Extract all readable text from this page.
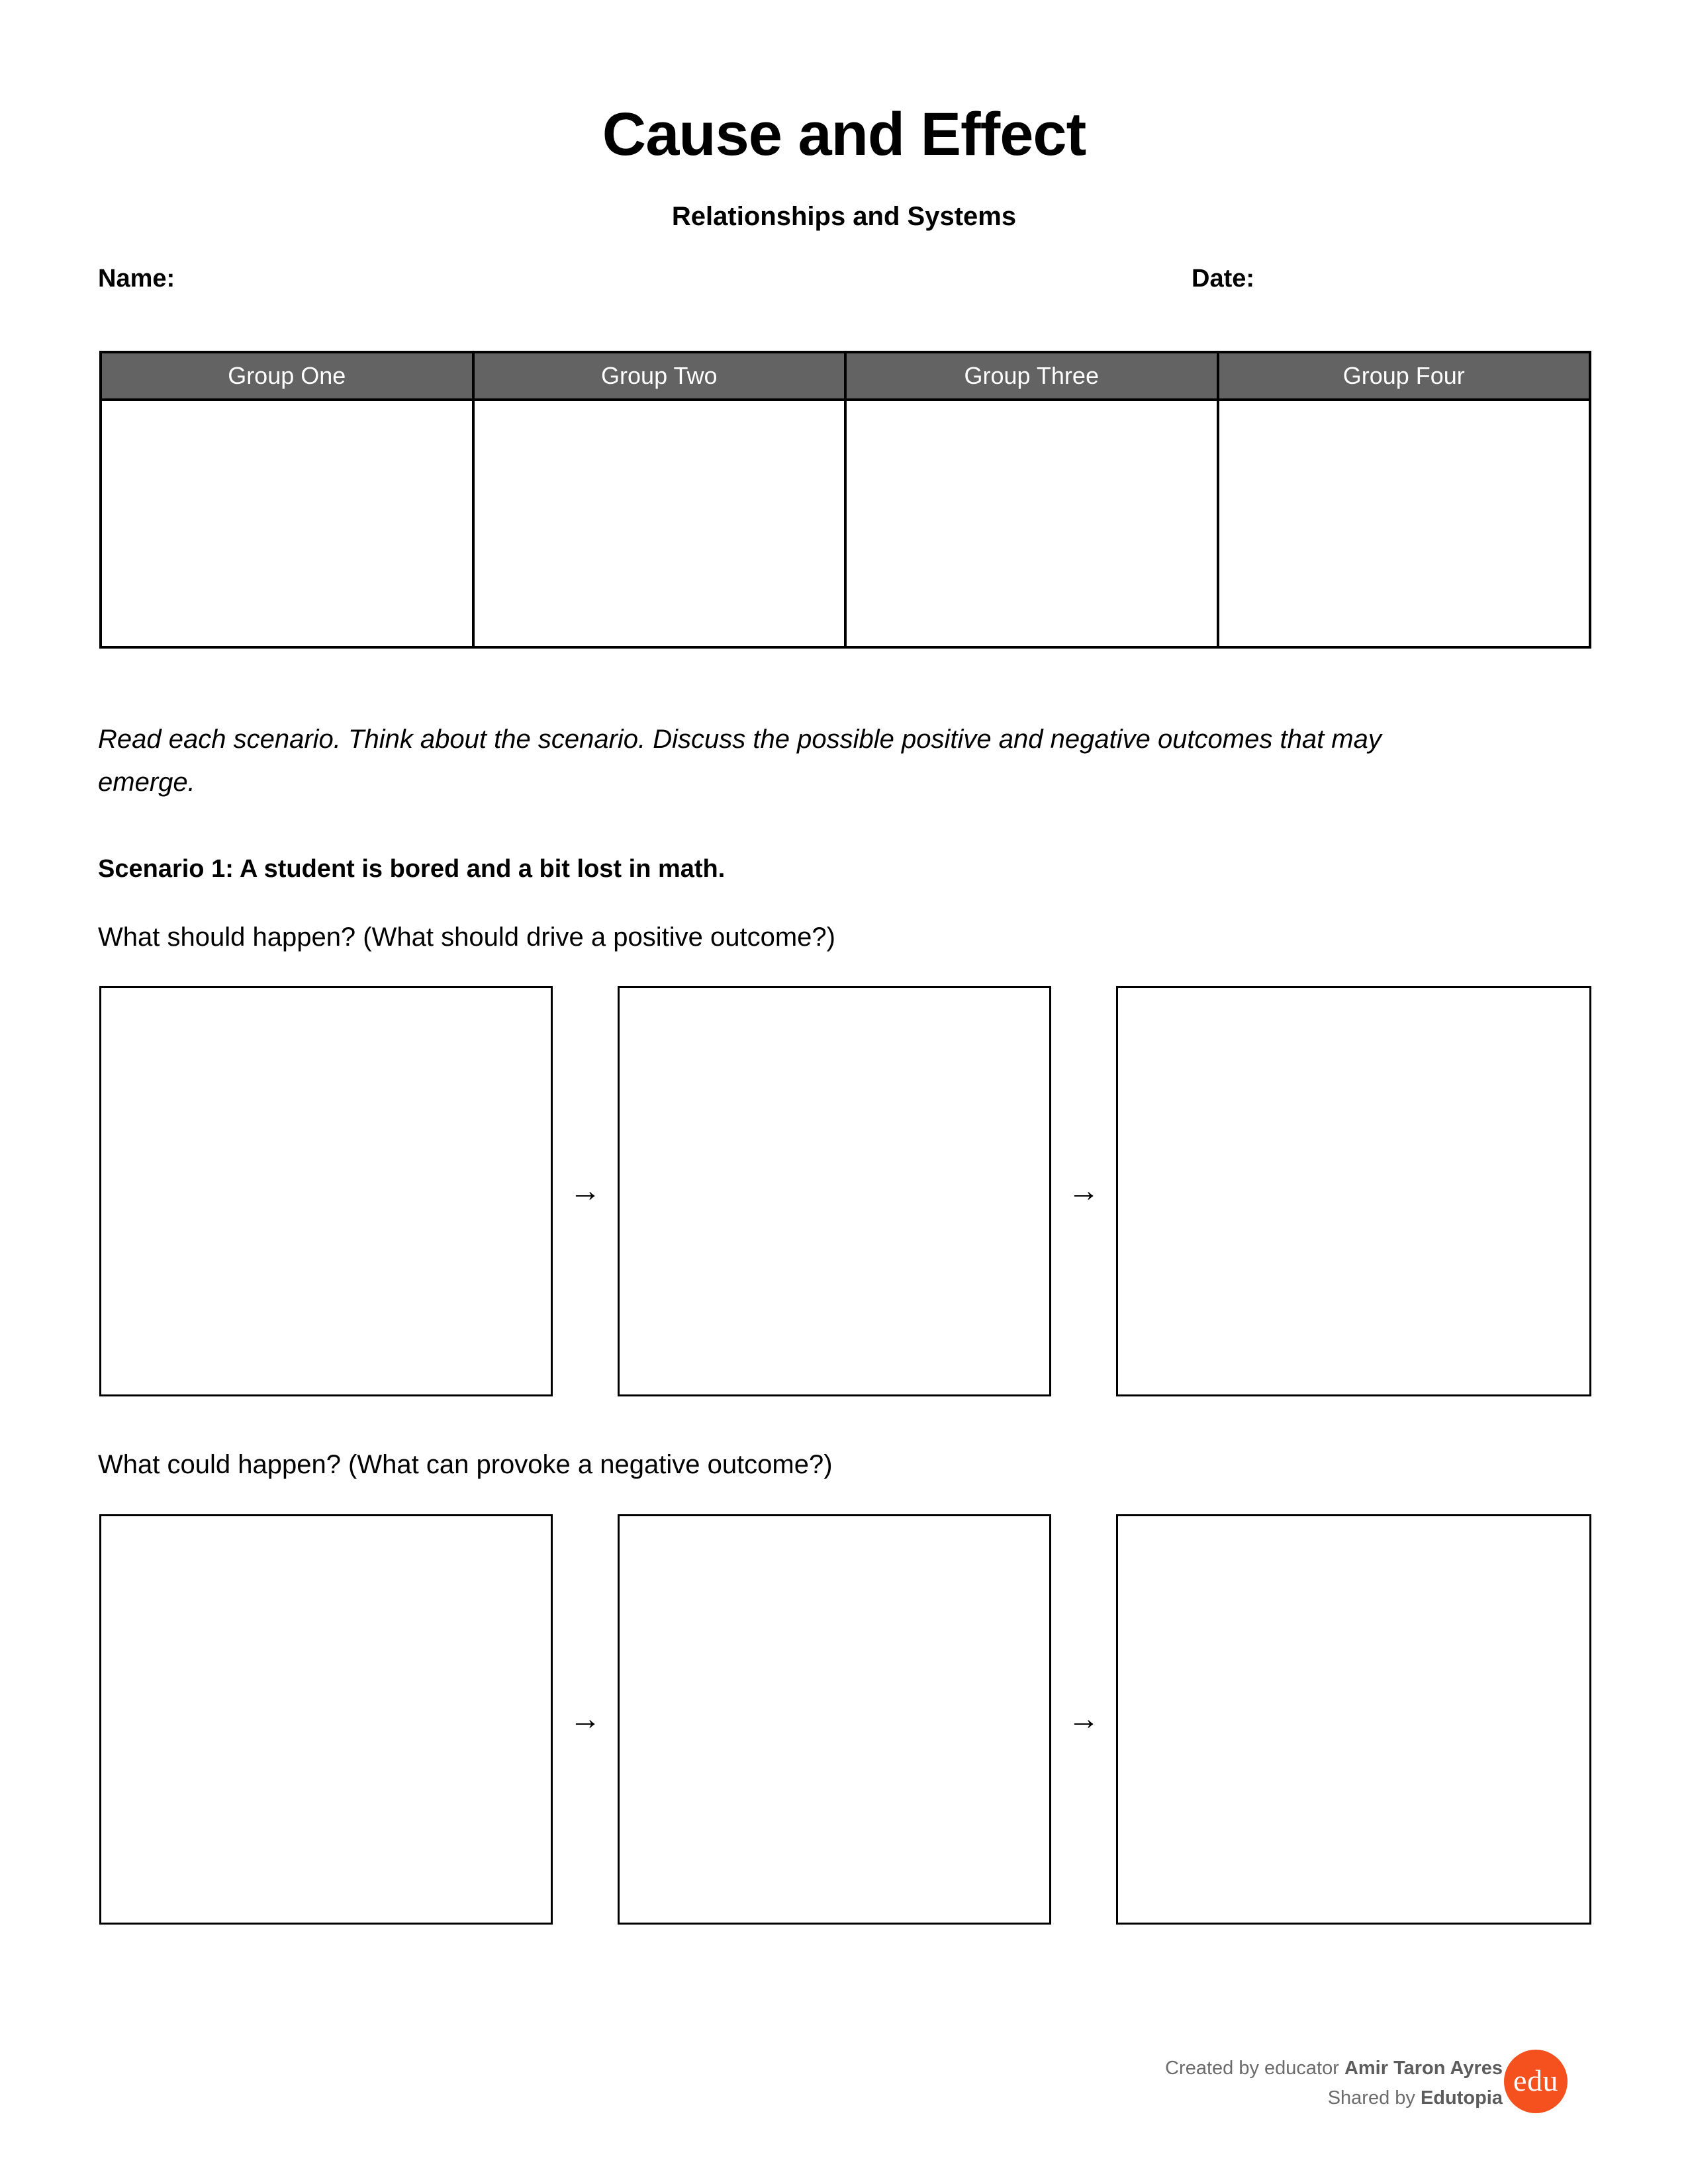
Cause and Effect
Relationships and Systems
Name:	Date:
Group One	Group Two	Group Three	Group Four

Read each scenario. Think about the scenario. Discuss the possible positive and negative outcomes that may emerge.
Scenario 1: A student is bored and a bit lost in math.
What should happen? (What should drive a positive outcome?)
→	→
What could happen? (What can provoke a negative outcome?)
→	→
Created by educator Amir Taron Ayres
Shared by Edutopia
edu
